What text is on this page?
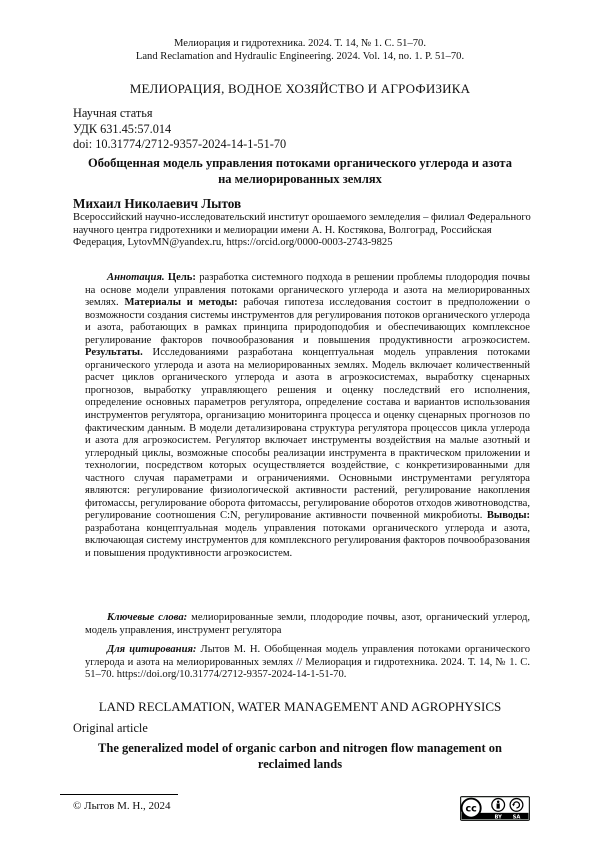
Мелиорация и гидротехника. 2024. Т. 14, № 1. С. 51–70.
Land Reclamation and Hydraulic Engineering. 2024. Vol. 14, no. 1. P. 51–70.
МЕЛИОРАЦИЯ, ВОДНОЕ ХОЗЯЙСТВО И АГРОФИЗИКА
Научная статья
УДК 631.45:57.014
doi: 10.31774/2712-9357-2024-14-1-51-70
Обобщенная модель управления потоками органического углерода и азота на мелиорированных землях
Михаил Николаевич Лытов
Всероссийский научно-исследовательский институт орошаемого земледелия – филиал Федерального научного центра гидротехники и мелиорации имени А. Н. Костякова, Волгоград, Российская Федерация, LytovMN@yandex.ru, https://orcid.org/0000-0003-2743-9825

Аннотация. Цель: разработка системного подхода в решении проблемы плодородия почвы на основе модели управления потоками органического углерода и азота на мелиорированных землях. Материалы и методы: рабочая гипотеза исследования состоит в предположении о возможности создания системы инструментов для регулирования потоков органического углерода и азота, работающих в рамках принципа природоподобия и обеспечивающих комплексное регулирование факторов почвообразования и повышения продуктивности агроэкосистем. Результаты. Исследованиями разработана концептуальная модель управления потоками органического углерода и азота на мелиорированных землях. Модель включает количественный расчет циклов органического углерода и азота в агроэкосистемах, выработку сценарных прогнозов, выработку управляющего решения и оценку последствий его исполнения, определение основных параметров регулятора, определение состава и вариантов использования инструментов регулятора, организацию мониторинга процесса и оценку сценарных прогнозов по фактическим данным. В модели детализирована структура регулятора процессов цикла углерода и азота для агроэкосистем. Регулятор включает инструменты воздействия на малые азотный и углеродный циклы, возможные способы реализации инструмента в практическом приложении и технологии, посредством которых осуществляется воздействие, с конкретизированными для частного случая параметрами и ограничениями. Основными инструментами регулятора являются: регулирование физиологической активности растений, регулирование накопления фитомассы, регулирование оборота фитомассы, регулирование оборотов отходов животноводства, регулирование соотношения C:N, регулирование активности почвенной микробиоты. Выводы: разработана концептуальная модель управления потоками органического углерода и азота, включающая систему инструментов для комплексного регулирования факторов почвообразования и повышения продуктивности агроэкосистем.

Ключевые слова: мелиорированные земли, плодородие почвы, азот, органический углерод, модель управления, инструмент регулятора

Для цитирования: Лытов М. Н. Обобщенная модель управления потоками органического углерода и азота на мелиорированных землях // Мелиорация и гидротехника. 2024. Т. 14, № 1. С. 51–70. https://doi.org/10.31774/2712-9357-2024-14-1-51-70.

LAND RECLAMATION, WATER MANAGEMENT AND AGROPHYSICS
Original article
The generalized model of organic carbon and nitrogen flow management on reclaimed lands
© Лытов М. Н., 2024	cc
BY SA
